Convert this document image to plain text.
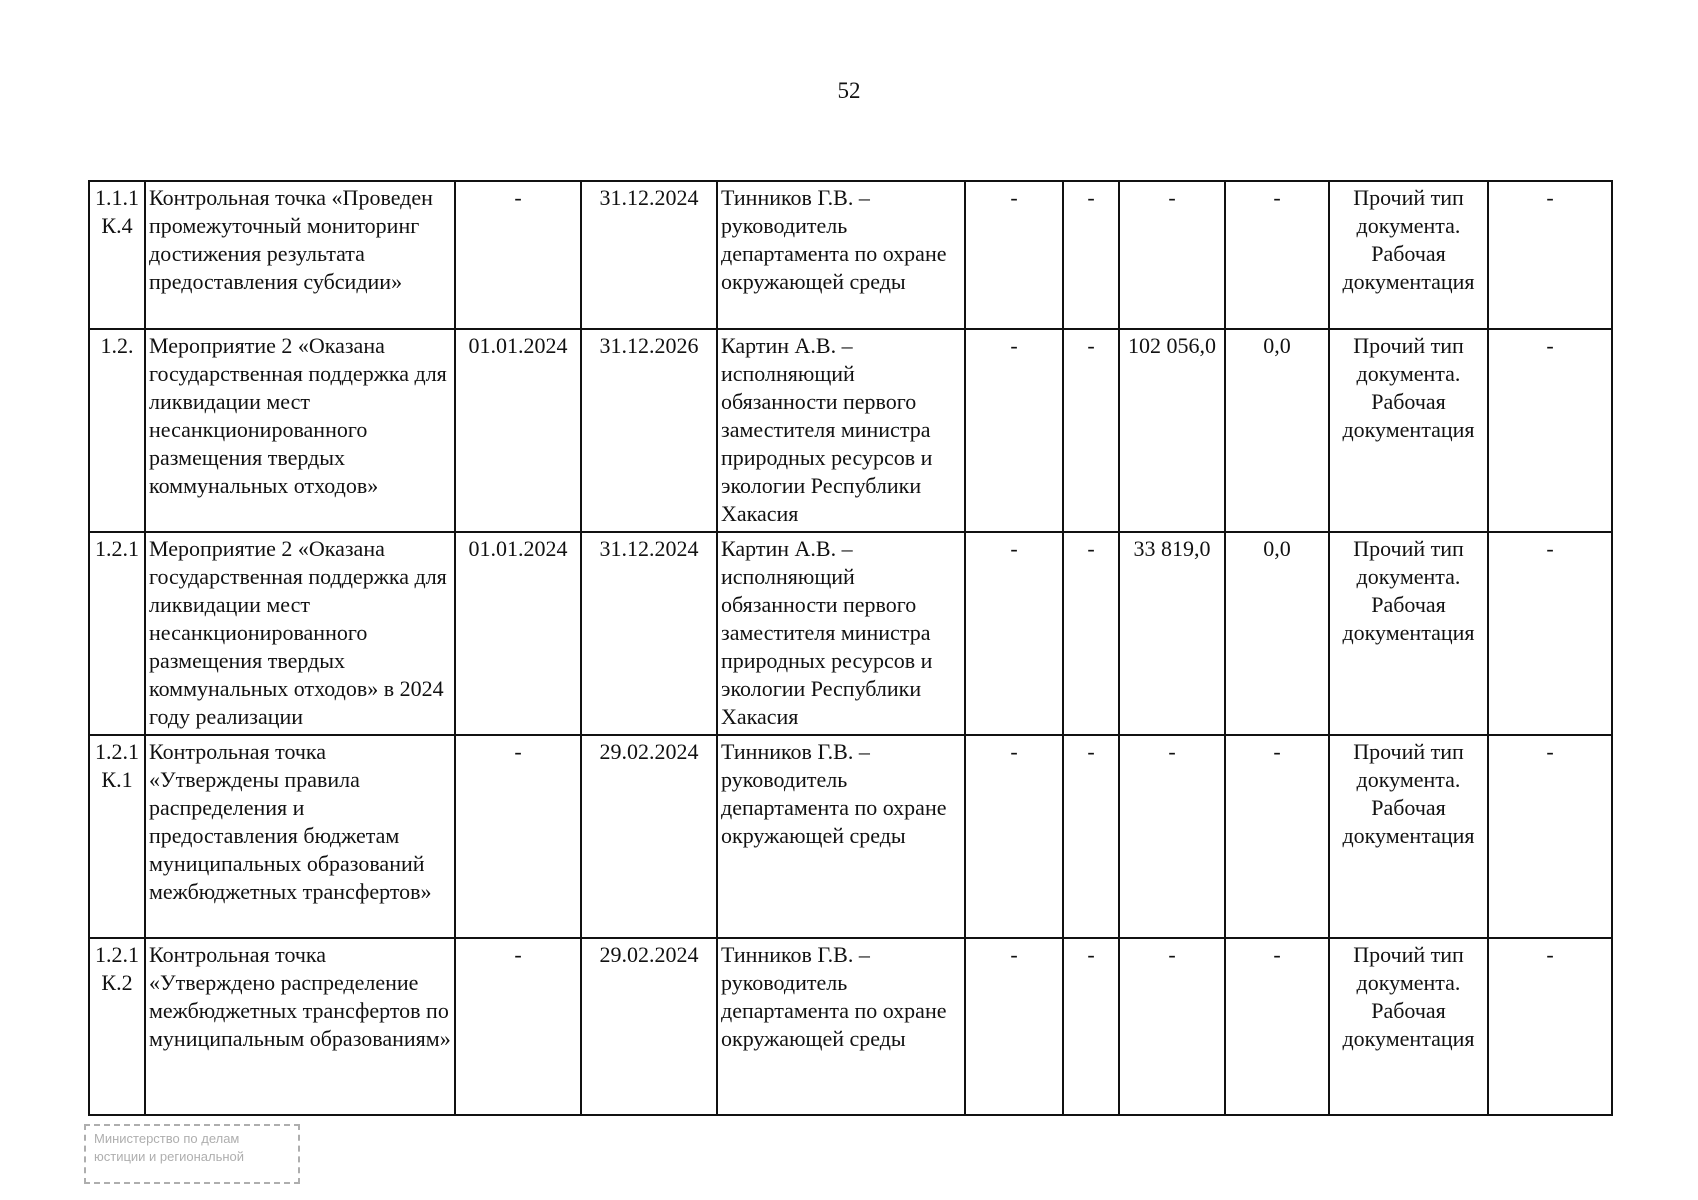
52
1.1.1 К.4	Контрольная точка «Проведен промежуточный мониторинг достижения результата предоставления субсидии»	-	31.12.2024	Тинников Г.В. – руководитель департамента по охране окружающей среды	-	-	-	-	Прочий тип документа. Рабочая документация	-
1.2.	Мероприятие 2 «Оказана государственная поддержка для ликвидации мест несанкционированного размещения твердых коммунальных отходов»	01.01.2024	31.12.2026	Картин А.В. – исполняющий обязанности первого заместителя министра природных ресурсов и экологии Республики Хакасия	-	-	102 056,0	0,0	Прочий тип документа. Рабочая документация	-
1.2.1	Мероприятие 2 «Оказана государственная поддержка для ликвидации мест несанкционированного размещения твердых коммунальных отходов» в 2024 году реализации	01.01.2024	31.12.2024	Картин А.В. – исполняющий обязанности первого заместителя министра природных ресурсов и экологии Республики Хакасия	-	-	33 819,0	0,0	Прочий тип документа. Рабочая документация	-
1.2.1 К.1	Контрольная точка «Утверждены правила распределения и предоставления бюджетам муниципальных образований межбюджетных трансфертов»	-	29.02.2024	Тинников Г.В. – руководитель департамента по охране окружающей среды	-	-	-	-	Прочий тип документа. Рабочая документация	-
1.2.1 К.2	Контрольная точка «Утверждено распределение межбюджетных трансфертов по муниципальным образованиям»	-	29.02.2024	Тинников Г.В. – руководитель департамента по охране окружающей среды	-	-	-	-	Прочий тип документа. Рабочая документация	-
Министерство по делам
юстиции и региональной
